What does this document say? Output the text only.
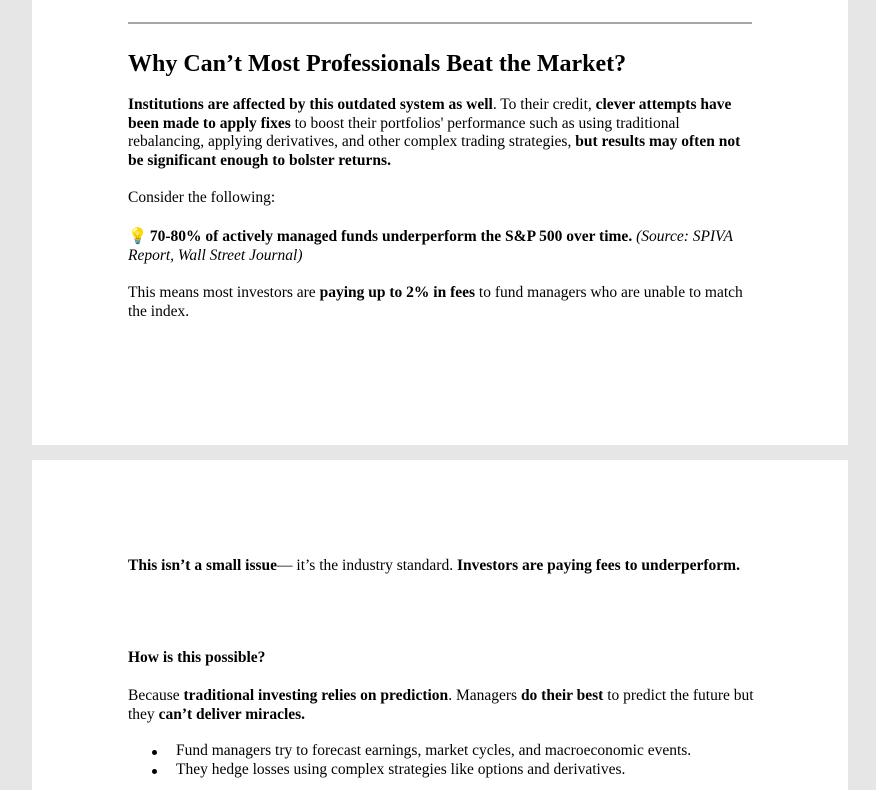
Why Can’t Most Professionals Beat the Market?

Institutions are affected by this outdated system as well. To their credit, clever attempts have been made to apply fixes to boost their portfolios' performance such as using traditional rebalancing, applying derivatives, and other complex trading strategies, but results may often not be significant enough to bolster returns.

Consider the following:

💡 70-80% of actively managed funds underperform the S&P 500 over time. (Source: SPIVA Report, Wall Street Journal)

This means most investors are paying up to 2% in fees to fund managers who are unable to match the index.

This isn’t a small issue— it’s the industry standard. Investors are paying fees to underperform.

How is this possible?

Because traditional investing relies on prediction. Managers do their best to predict the future but they can’t deliver miracles.

Fund managers try to forecast earnings, market cycles, and macroeconomic events.
They hedge losses using complex strategies like options and derivatives.
